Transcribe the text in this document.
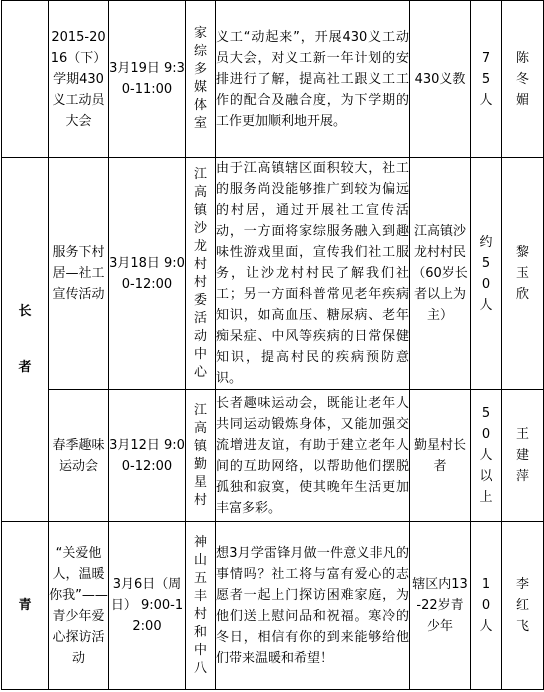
	2015-2016（下）学期430义工动员大会	3月19日 9:30-11:00	家综多媒体室	义工“动起来”，开展430义工动员大会，对义工新一年计划的安排进行了解，提高社工跟义工工作的配合及融合度，为下学期的工作更加顺利地开展。	430义教	75人	陈冬媚

长者	服务下村居—社工宣传活动	3月18日 9:00-12:00	江高镇沙龙村村委活动中心	由于江高镇辖区面积较大，社工的服务尚没能够推广到较为偏远的村居，通过开展社工宣传活动，一方面将家综服务融入到趣味性游戏里面，宣传我们社工服务，让沙龙村村民了解我们社工；另一方面科普常见老年疾病知识，如高血压、糖尿病、老年痴呆症、中风等疾病的日常保健知识，提高村民的疾病预防意识。	江高镇沙龙村村民（60岁长者以上为主）	约50人	黎玉欣

	春季趣味运动会	3月12日 9:00-12:00	江高镇勤星村	长者趣味运动会，既能让老年人共同运动锻炼身体，又能加强交流增进友谊，有助于建立老年人间的互助网络，以帮助他们摆脱孤独和寂寞，使其晚年生活更加丰富多彩。	勤星村长者	50人以上	王建萍

青	“关爱他人，温暖你我”——青少年爱心探访活动	3月6日（周日） 9:00-12:00	神山五丰村和中八	想3月学雷锋月做一件意义非凡的事情吗？社工将与富有爱心的志愿者一起上门探访困难家庭，为他们送上慰问品和祝福。寒冷的冬日，相信有你的到来能够给他们带来温暖和希望！	辖区内13-22岁青少年	10人	李红飞
